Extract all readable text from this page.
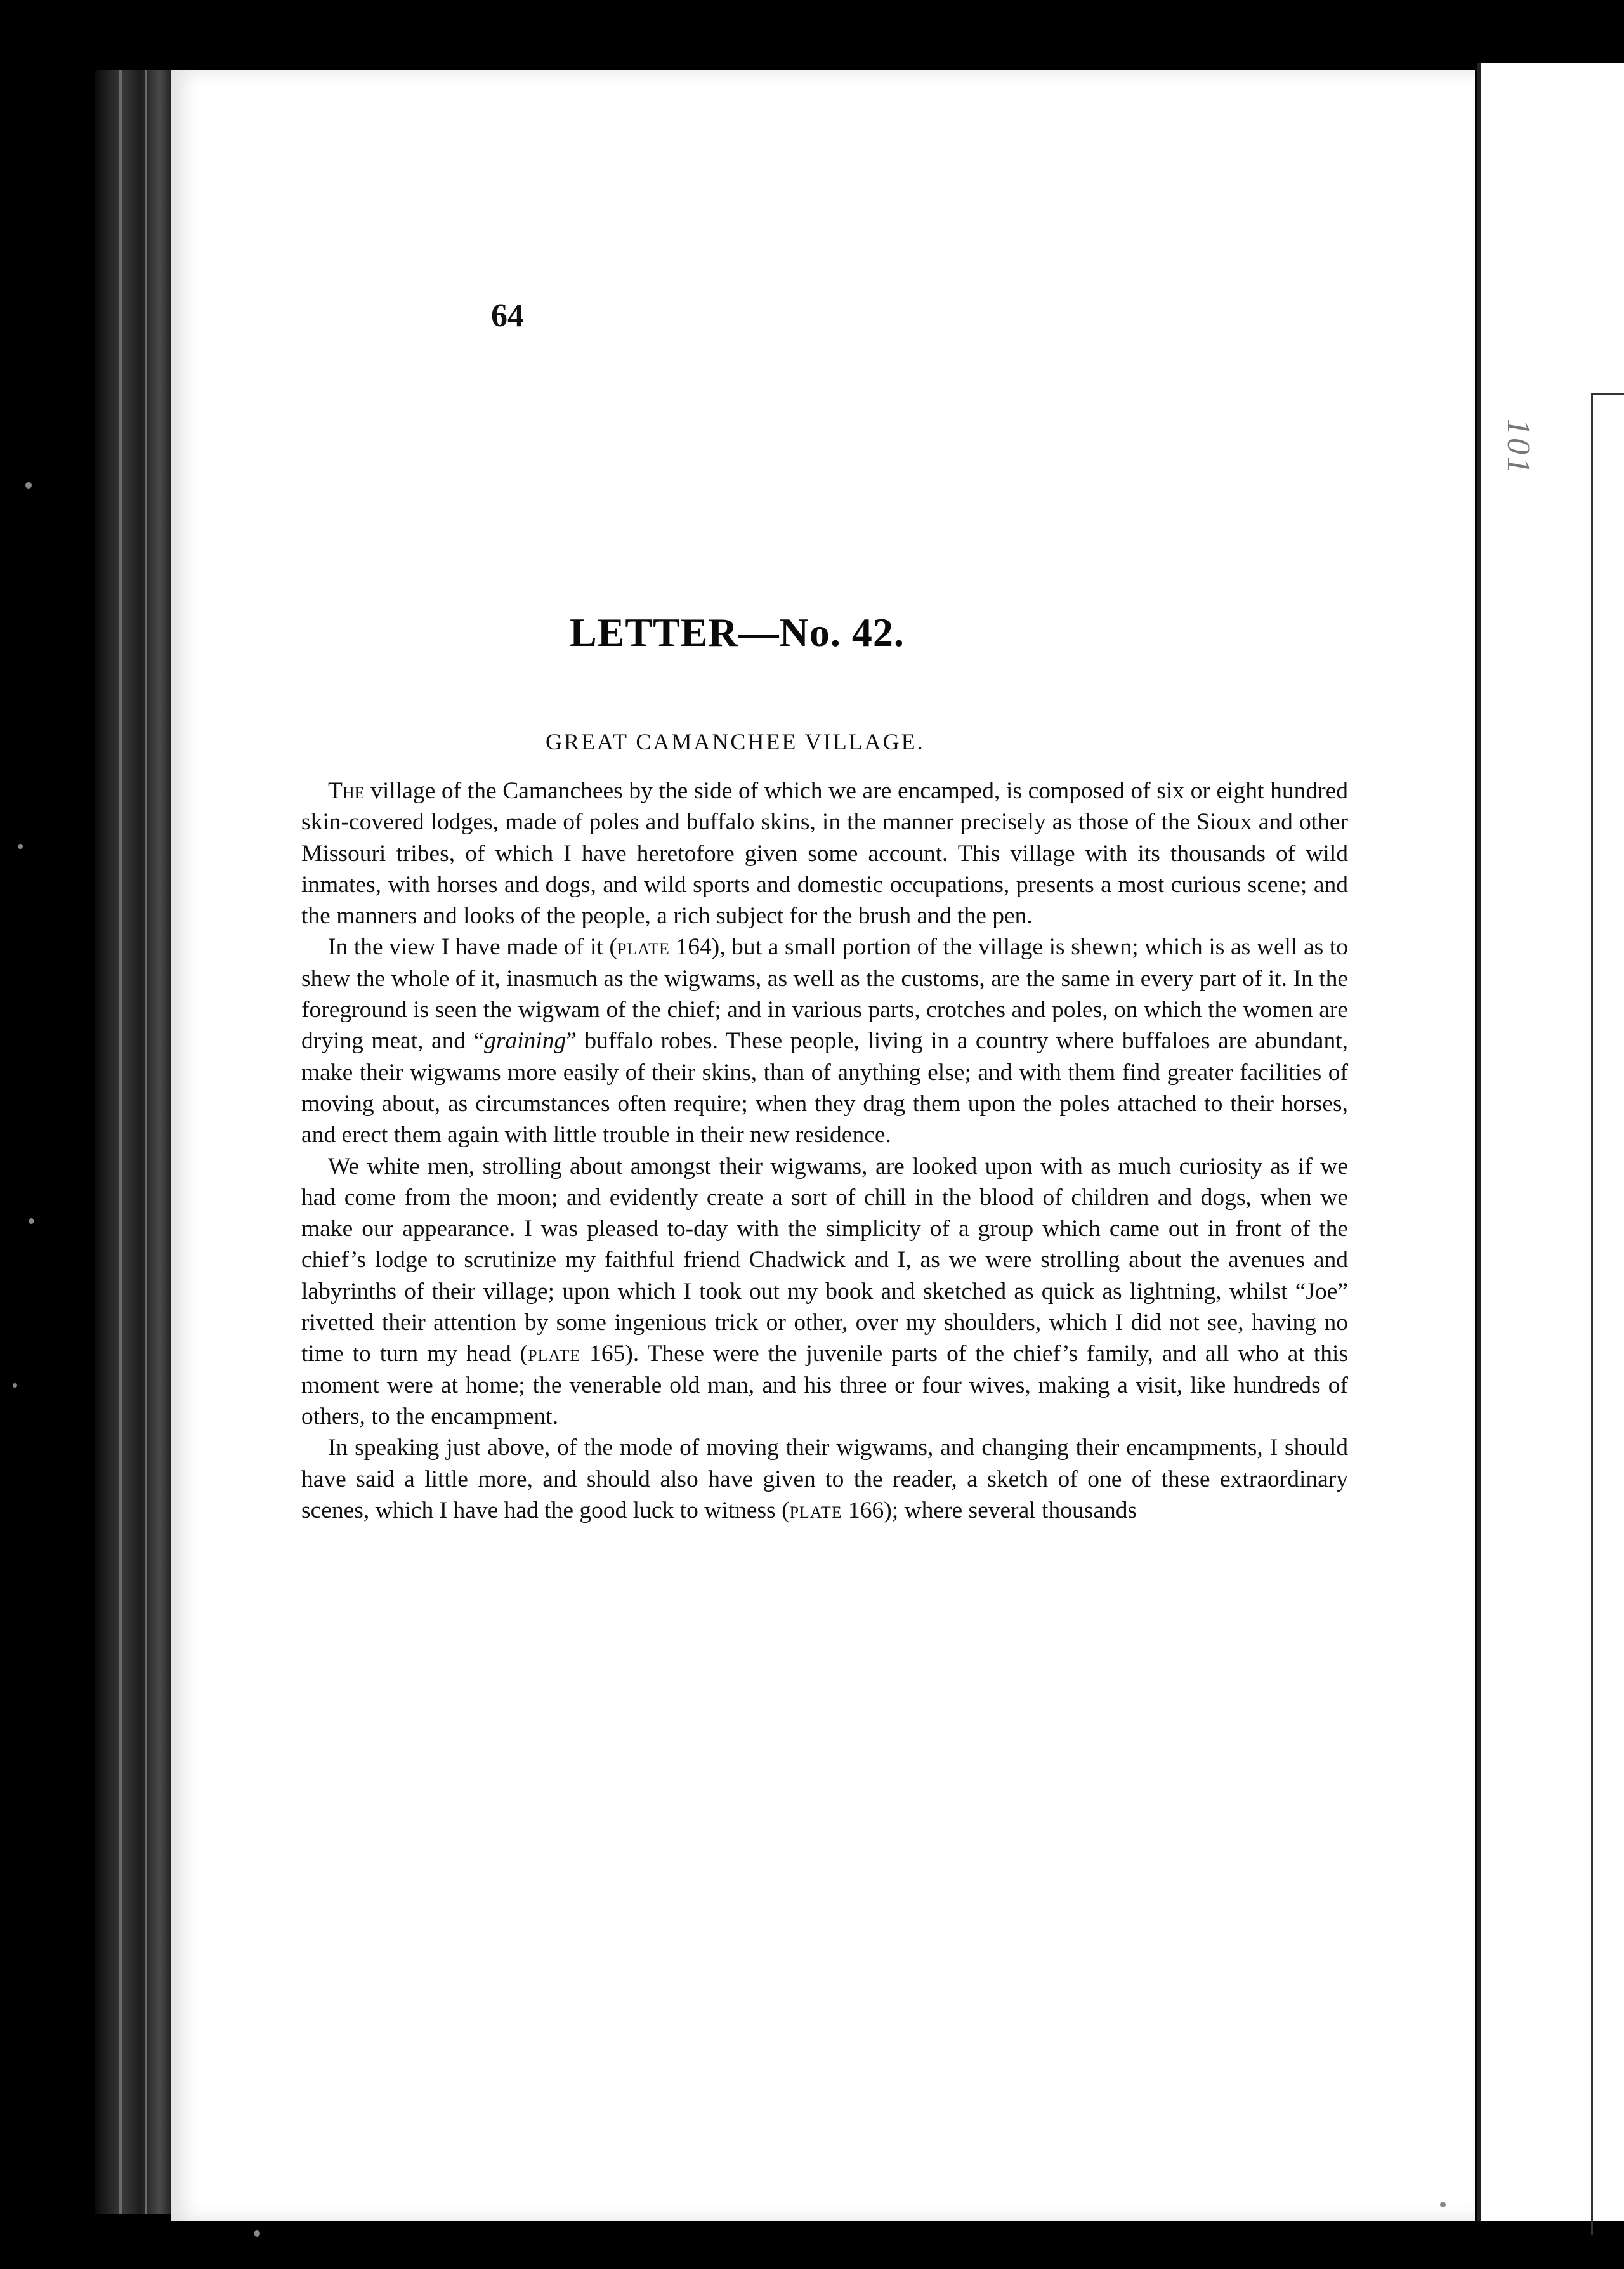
101
64
LETTER—No. 42.
GREAT CAMANCHEE VILLAGE.

The village of the Camanchees by the side of which we are encamped, is composed of six or eight hundred skin-covered lodges, made of poles and buffalo skins, in the manner precisely as those of the Sioux and other Missouri tribes, of which I have heretofore given some account. This village with its thousands of wild inmates, with horses and dogs, and wild sports and domestic occupations, presents a most curious scene; and the manners and looks of the people, a rich subject for the brush and the pen.

In the view I have made of it (plate 164), but a small portion of the village is shewn; which is as well as to shew the whole of it, inasmuch as the wigwams, as well as the customs, are the same in every part of it. In the foreground is seen the wigwam of the chief; and in various parts, crotches and poles, on which the women are drying meat, and “graining” buffalo robes. These people, living in a country where buffaloes are abundant, make their wigwams more easily of their skins, than of anything else; and with them find greater facilities of moving about, as circumstances often require; when they drag them upon the poles attached to their horses, and erect them again with little trouble in their new residence.

We white men, strolling about amongst their wigwams, are looked upon with as much curiosity as if we had come from the moon; and evidently create a sort of chill in the blood of children and dogs, when we make our appearance. I was pleased to-day with the simplicity of a group which came out in front of the chief’s lodge to scrutinize my faithful friend Chadwick and I, as we were strolling about the avenues and labyrinths of their village; upon which I took out my book and sketched as quick as lightning, whilst “Joe” rivetted their attention by some ingenious trick or other, over my shoulders, which I did not see, having no time to turn my head (plate 165). These were the juvenile parts of the chief’s family, and all who at this moment were at home; the venerable old man, and his three or four wives, making a visit, like hundreds of others, to the encampment.

In speaking just above, of the mode of moving their wigwams, and changing their encampments, I should have said a little more, and should also have given to the reader, a sketch of one of these extraordinary scenes, which I have had the good luck to witness (plate 166); where several thousands
